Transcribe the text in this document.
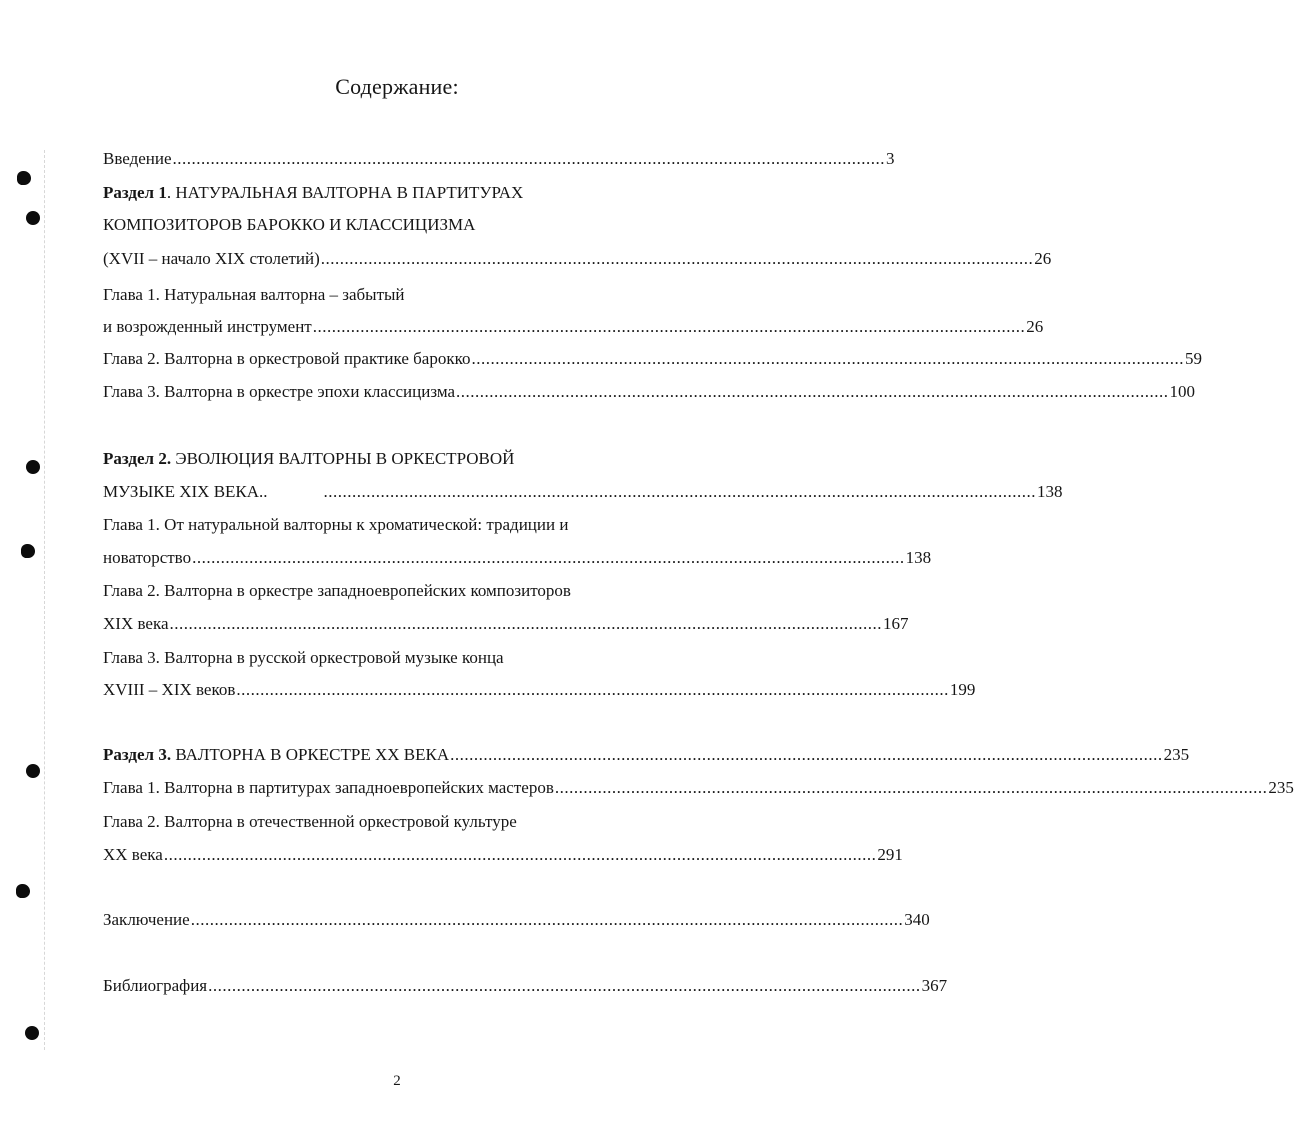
Содержание:
Введение ...................................................................................................................................................... 3
Раздел 1. НАТУРАЛЬНАЯ ВАЛТОРНА В ПАРТИТУРАХ
КОМПОЗИТОРОВ БАРОККО И КЛАССИЦИЗМА
(XVII – начало XIX столетий) ...................................................................................................................................................... 26
Глава 1. Натуральная валторна – забытый
и возрожденный инструмент ...................................................................................................................................................... 26
Глава 2. Валторна в оркестровой практике барокко ...................................................................................................................................................... 59
Глава 3. Валторна в оркестре эпохи классицизма ...................................................................................................................................................... 100
Раздел 2. ЭВОЛЮЦИЯ ВАЛТОРНЫ В ОРКЕСТРОВОЙ
МУЗЫКЕ XIX ВЕКА..	...................................................................................................................................................... 138
Глава 1. От натуральной валторны к хроматической: традиции и
новаторство ...................................................................................................................................................... 138
Глава 2. Валторна в оркестре западноевропейских композиторов
XIX века ...................................................................................................................................................... 167
Глава 3. Валторна в русской оркестровой музыке конца
XVIII – XIX веков ...................................................................................................................................................... 199
Раздел 3. ВАЛТОРНА В ОРКЕСТРЕ XX ВЕКА ...................................................................................................................................................... 235
Глава 1. Валторна в партитурах западноевропейских мастеров ...................................................................................................................................................... 235
Глава 2. Валторна в отечественной оркестровой культуре
XX века ...................................................................................................................................................... 291
Заключение ...................................................................................................................................................... 340
Библиография ...................................................................................................................................................... 367
2
